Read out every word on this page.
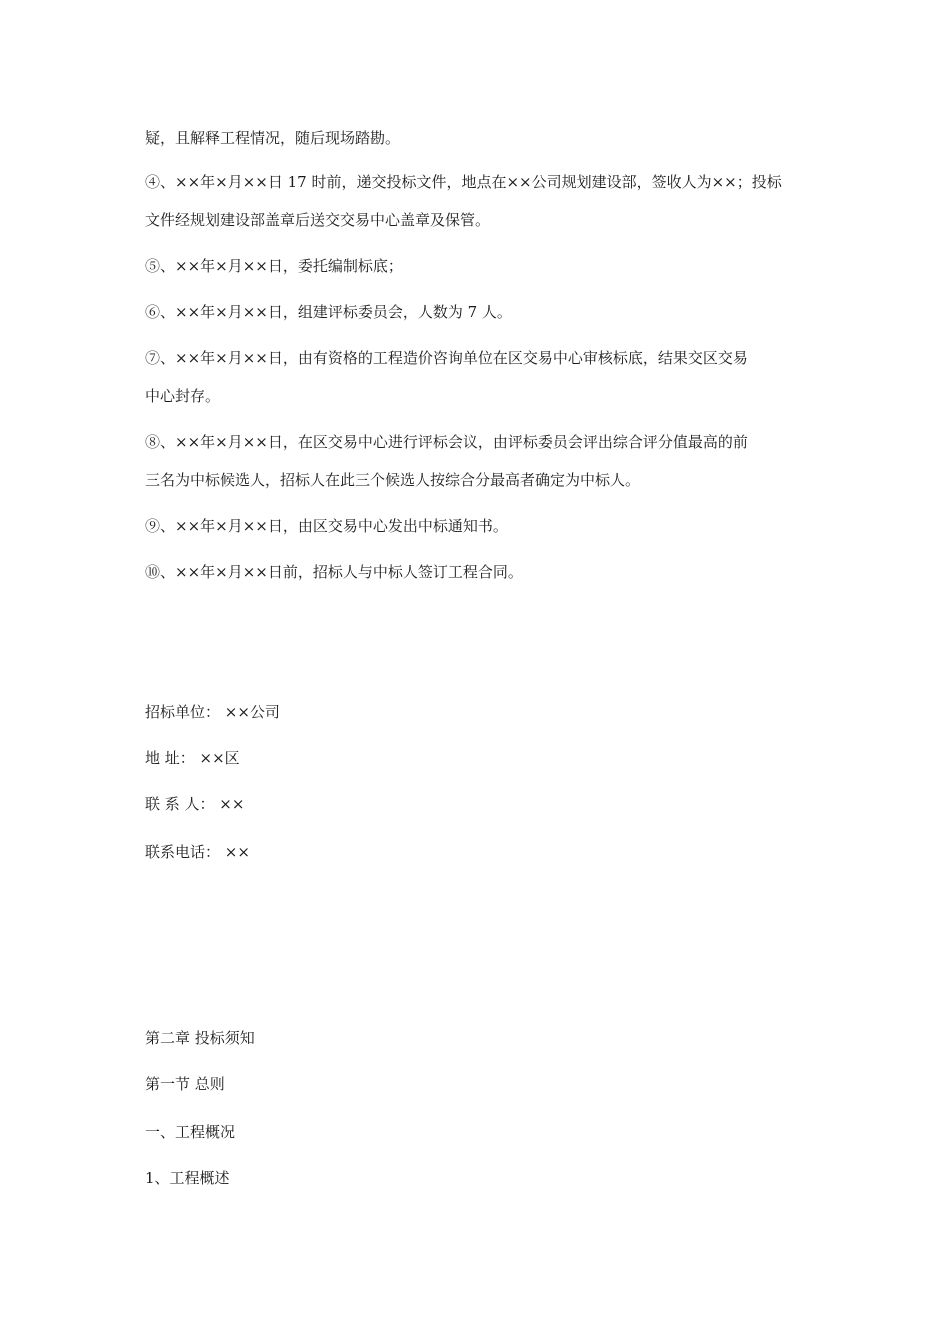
疑，且解释工程情况，随后现场踏勘。
④、××年×月××日 17 时前，递交投标文件，地点在××公司规划建设部，签收人为××；投标
文件经规划建设部盖章后送交交易中心盖章及保管。
⑤、××年×月××日，委托编制标底；
⑥、××年×月××日，组建评标委员会，人数为 7 人。
⑦、××年×月××日，由有资格的工程造价咨询单位在区交易中心审核标底，结果交区交易
中心封存。
⑧、××年×月××日，在区交易中心进行评标会议，由评标委员会评出综合评分值最高的前
三名为中标候选人，招标人在此三个候选人按综合分最高者确定为中标人。
⑨、××年×月××日，由区交易中心发出中标通知书。
⑩、××年×月××日前，招标人与中标人签订工程合同。
招标单位： ××公司
地 址： ××区
联 系 人： ××
联系电话： ××
第二章 投标须知
第一节 总则
一、工程概况
1、工程概述
